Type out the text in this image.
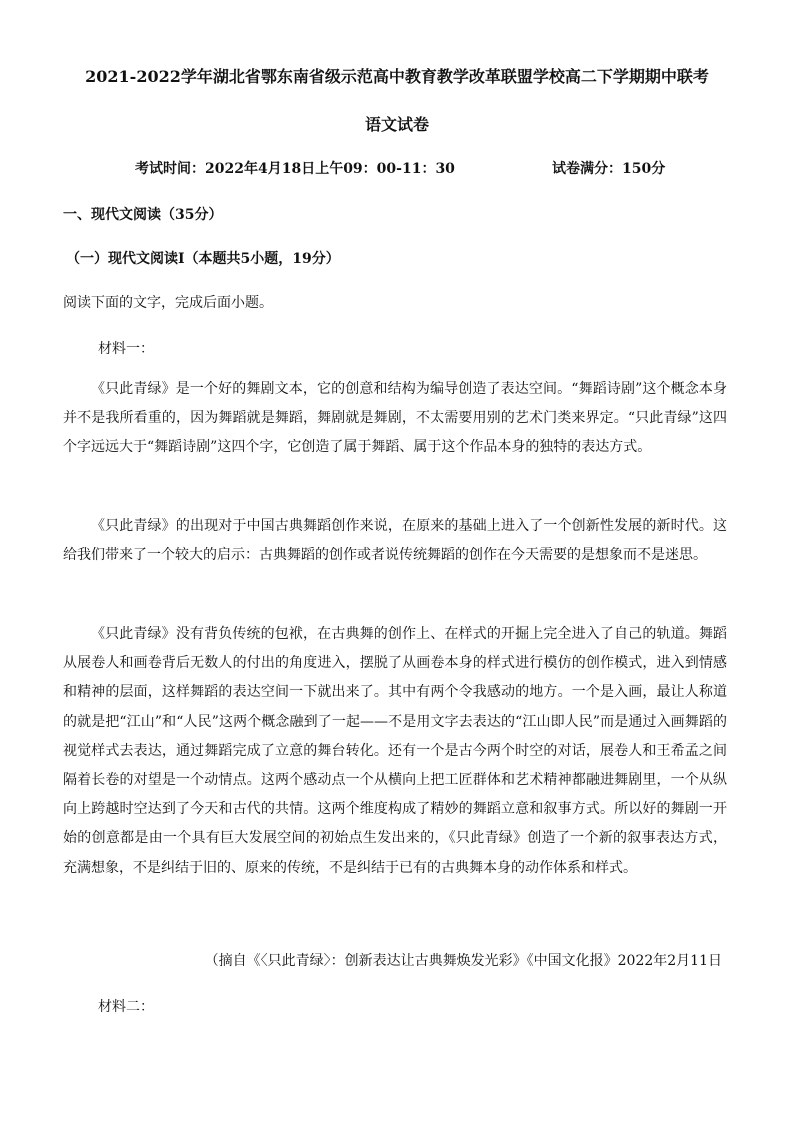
2021-2022学年湖北省鄂东南省级示范高中教育教学改革联盟学校高二下学期期中联考
语文试卷
考试时间：2022年4月18日上午09：00-11：30	试卷满分：150分
一、现代文阅读（35分）
（一）现代文阅读Ⅰ（本题共5小题，19分）
阅读下面的文字，完成后面小题。
材料一：
《只此青绿》是一个好的舞剧文本，它的创意和结构为编导创造了表达空间。“舞蹈诗剧”这个概念本身并不是我所看重的，因为舞蹈就是舞蹈，舞剧就是舞剧，不太需要用别的艺术门类来界定。“只此青绿”这四个字远远大于“舞蹈诗剧”这四个字，它创造了属于舞蹈、属于这个作品本身的独特的表达方式。
《只此青绿》的出现对于中国古典舞蹈创作来说，在原来的基础上进入了一个创新性发展的新时代。这给我们带来了一个较大的启示：古典舞蹈的创作或者说传统舞蹈的创作在今天需要的是想象而不是迷思。
《只此青绿》没有背负传统的包袱，在古典舞的创作上、在样式的开掘上完全进入了自己的轨道。舞蹈从展卷人和画卷背后无数人的付出的角度进入，摆脱了从画卷本身的样式进行模仿的创作模式，进入到情感和精神的层面，这样舞蹈的表达空间一下就出来了。其中有两个令我感动的地方。一个是入画，最让人称道的就是把“江山”和“人民”这两个概念融到了一起——不是用文字去表达的“江山即人民”而是通过入画舞蹈的视觉样式去表达，通过舞蹈完成了立意的舞台转化。还有一个是古今两个时空的对话，展卷人和王希孟之间隔着长卷的对望是一个动情点。这两个感动点一个从横向上把工匠群体和艺术精神都融进舞剧里，一个从纵向上跨越时空达到了今天和古代的共情。这两个维度构成了精妙的舞蹈立意和叙事方式。所以好的舞剧一开始的创意都是由一个具有巨大发展空间的初始点生发出来的，《只此青绿》创造了一个新的叙事表达方式，充满想象，不是纠结于旧的、原来的传统，不是纠结于已有的古典舞本身的动作体系和样式。
（摘自《〈只此青绿〉：创新表达让古典舞焕发光彩》《中国文化报》2022年2月11日
材料二：
